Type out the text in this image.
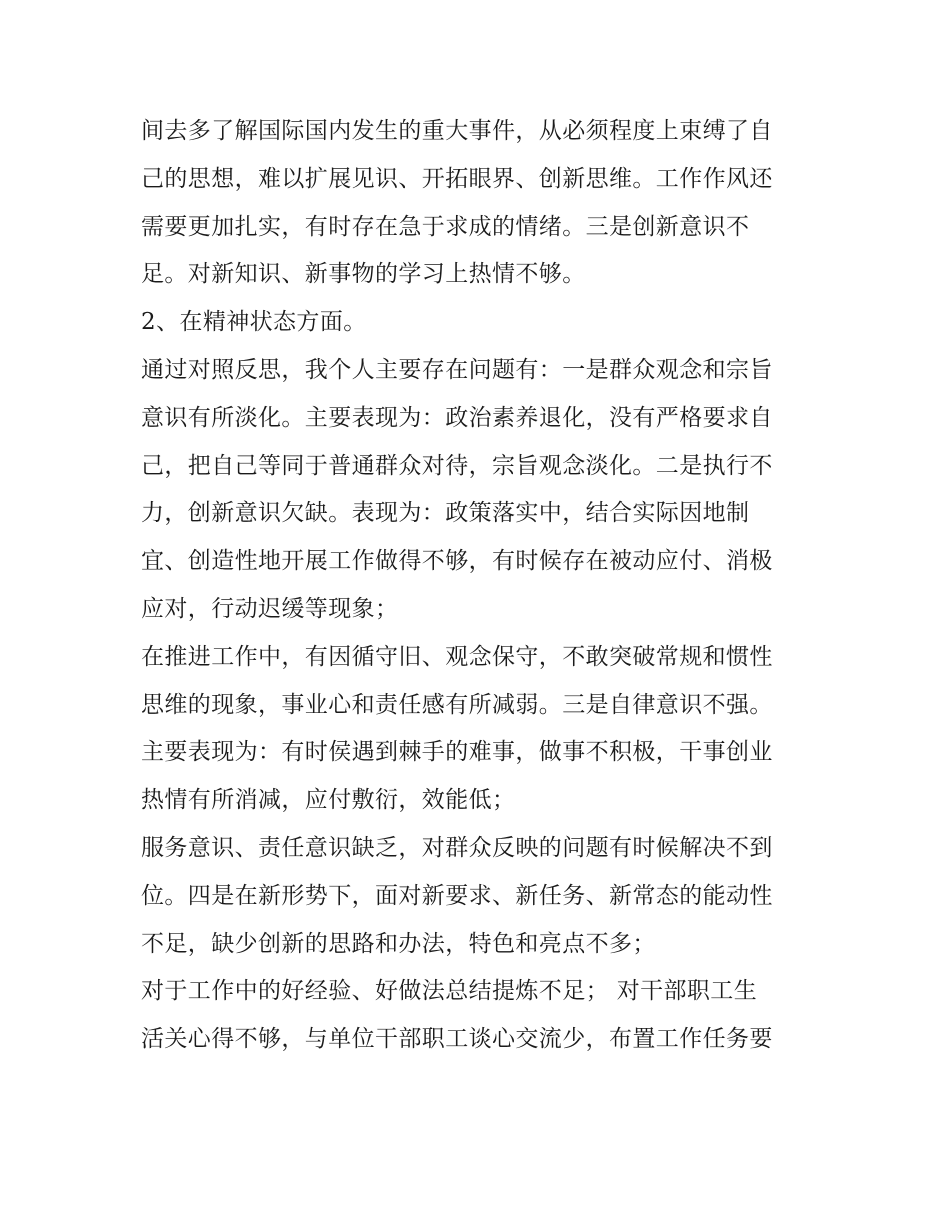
间去多了解国际国内发生的重大事件，从必须程度上束缚了自
己的思想，难以扩展见识、开拓眼界、创新思维。工作作风还
需要更加扎实，有时存在急于求成的情绪。三是创新意识不
足。对新知识、新事物的学习上热情不够。
2、在精神状态方面。
通过对照反思，我个人主要存在问题有：一是群众观念和宗旨
意识有所淡化。主要表现为：政治素养退化，没有严格要求自
己，把自己等同于普通群众对待，宗旨观念淡化。二是执行不
力，创新意识欠缺。表现为：政策落实中，结合实际因地制
宜、创造性地开展工作做得不够，有时候存在被动应付、消极
应对，行动迟缓等现象；
在推进工作中，有因循守旧、观念保守，不敢突破常规和惯性
思维的现象，事业心和责任感有所减弱。三是自律意识不强。
主要表现为：有时侯遇到棘手的难事，做事不积极，干事创业
热情有所消减，应付敷衍，效能低；
服务意识、责任意识缺乏，对群众反映的问题有时候解决不到
位。四是在新形势下，面对新要求、新任务、新常态的能动性
不足，缺少创新的思路和办法，特色和亮点不多；
对于工作中的好经验、好做法总结提炼不足； 对干部职工生
活关心得不够，与单位干部职工谈心交流少，布置工作任务要
